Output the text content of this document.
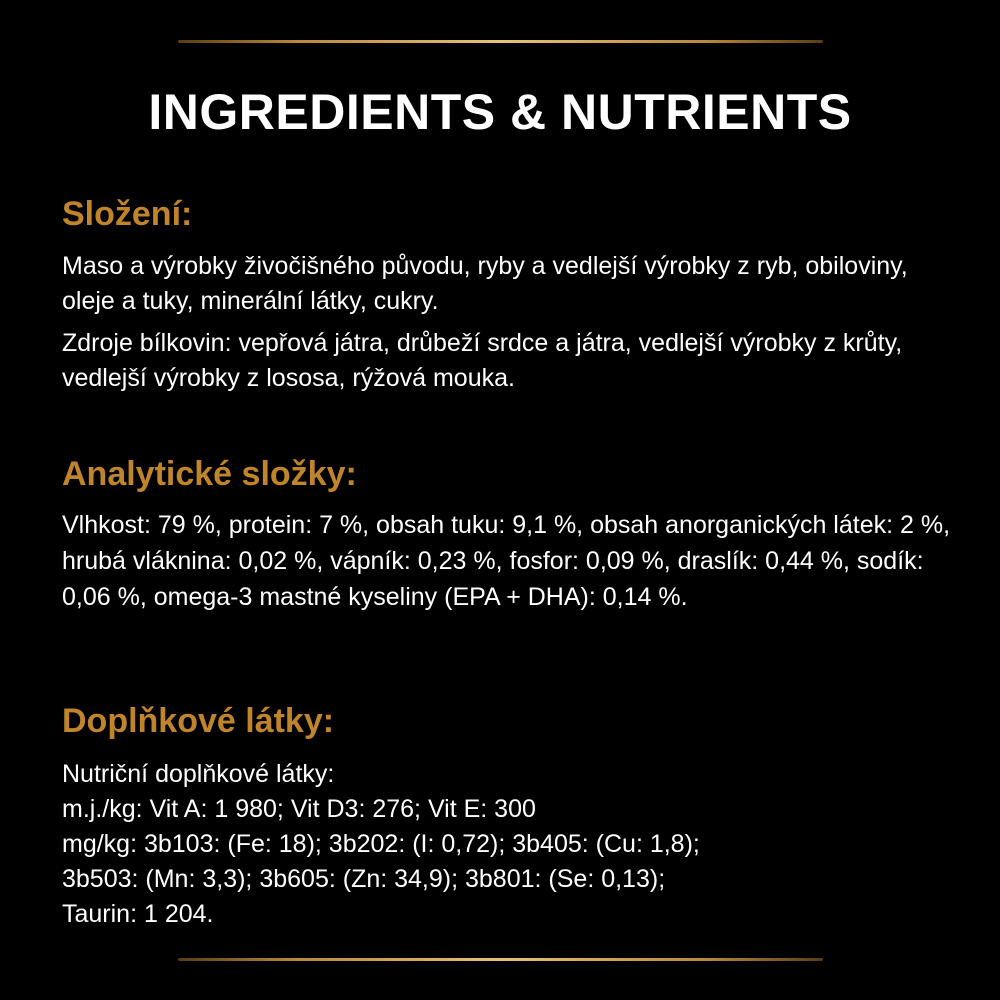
INGREDIENTS & NUTRIENTS
Složení:

Maso a výrobky živočišného původu, ryby a vedlejší výrobky z ryb, obiloviny, oleje a tuky, minerální látky, cukry.

Zdroje bílkovin: vepřová játra, drůbeží srdce a játra, vedlejší výrobky z krůty, vedlejší výrobky z lososa, rýžová mouka.

Analytické složky:

Vlhkost: 79 %, protein: 7 %, obsah tuku: 9,1 %, obsah anorganických látek: 2 %, hrubá vláknina: 0,02 %, vápník: 0,23 %, fosfor: 0,09 %, draslík: 0,44 %, sodík: 0,06 %, omega-3 mastné kyseliny (EPA + DHA): 0,14 %.

Doplňkové látky:
Nutriční doplňkové látky:
m.j./kg: Vit A: 1 980; Vit D3: 276; Vit E: 300
mg/kg: 3b103: (Fe: 18); 3b202: (I: 0,72); 3b405: (Cu: 1,8);
3b503: (Mn: 3,3); 3b605: (Zn: 34,9); 3b801: (Se: 0,13);
Taurin: 1 204.
